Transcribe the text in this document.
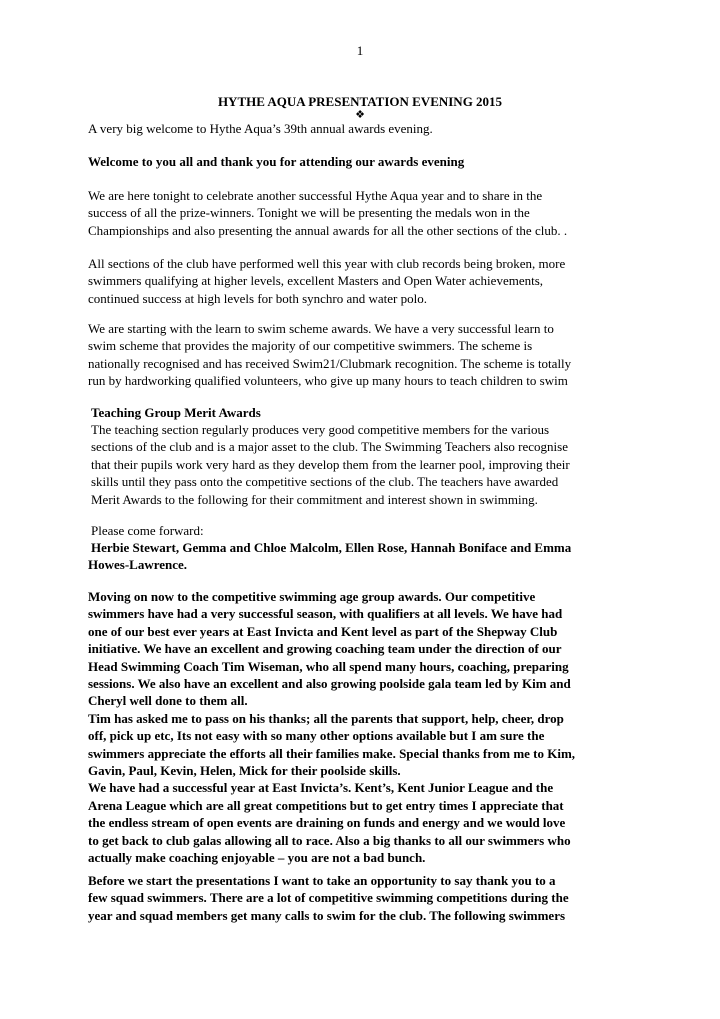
1
HYTHE AQUA PRESENTATION EVENING 2015
❖

A very big welcome to Hythe Aqua’s 39th annual awards evening.

Welcome to you all and thank you for attending our awards evening

We are here tonight to celebrate another successful Hythe Aqua year and to share in the
success of all the prize-winners. Tonight we will be presenting the medals won in the
Championships and also presenting the annual awards for all the other sections of the club. .

All sections of the club have performed well this year with club records being broken, more
swimmers qualifying at higher levels, excellent Masters and Open Water achievements,
continued success at high levels for both synchro and water polo.

We are starting with the learn to swim scheme awards. We have a very successful learn to
swim scheme that provides the majority of our competitive swimmers. The scheme is
nationally recognised and has received Swim21/Clubmark recognition. The scheme is totally
run by hardworking qualified volunteers, who give up many hours to teach children to swim

Teaching Group Merit Awards

The teaching section regularly produces very good competitive members for the various
sections of the club and is a major asset to the club. The Swimming Teachers also recognise
that their pupils work very hard as they develop them from the learner pool, improving their
skills until they pass onto the competitive sections of the club. The teachers have awarded
Merit Awards to the following for their commitment and interest shown in swimming.

Please come forward:

Herbie Stewart, Gemma and Chloe Malcolm, Ellen Rose, Hannah Boniface and Emma

Howes-Lawrence.

Moving on now to the competitive swimming age group awards. Our competitive
swimmers have had a very successful season, with qualifiers at all levels. We have had
one of our best ever years at East Invicta and Kent level as part of the Shepway Club
initiative. We have an excellent and growing coaching team under the direction of our
Head Swimming Coach Tim Wiseman, who all spend many hours, coaching, preparing
sessions. We also have an excellent and also growing poolside gala team led by Kim and
Cheryl well done to them all.
Tim has asked me to pass on his thanks; all the parents that support, help, cheer, drop
off, pick up etc, Its not easy with so many other options available but I am sure the
swimmers appreciate the efforts all their families make. Special thanks from me to Kim,
Gavin, Paul, Kevin, Helen, Mick for their poolside skills.
We have had a successful year at East Invicta’s. Kent’s, Kent Junior League and the
Arena League which are all great competitions but to get entry times I appreciate that
the endless stream of open events are draining on funds and energy and we would love
to get back to club galas allowing all to race. Also a big thanks to all our swimmers who
actually make coaching enjoyable – you are not a bad bunch.

Before we start the presentations I want to take an opportunity to say thank you to a
few squad swimmers. There are a lot of competitive swimming competitions during the
year and squad members get many calls to swim for the club. The following swimmers
